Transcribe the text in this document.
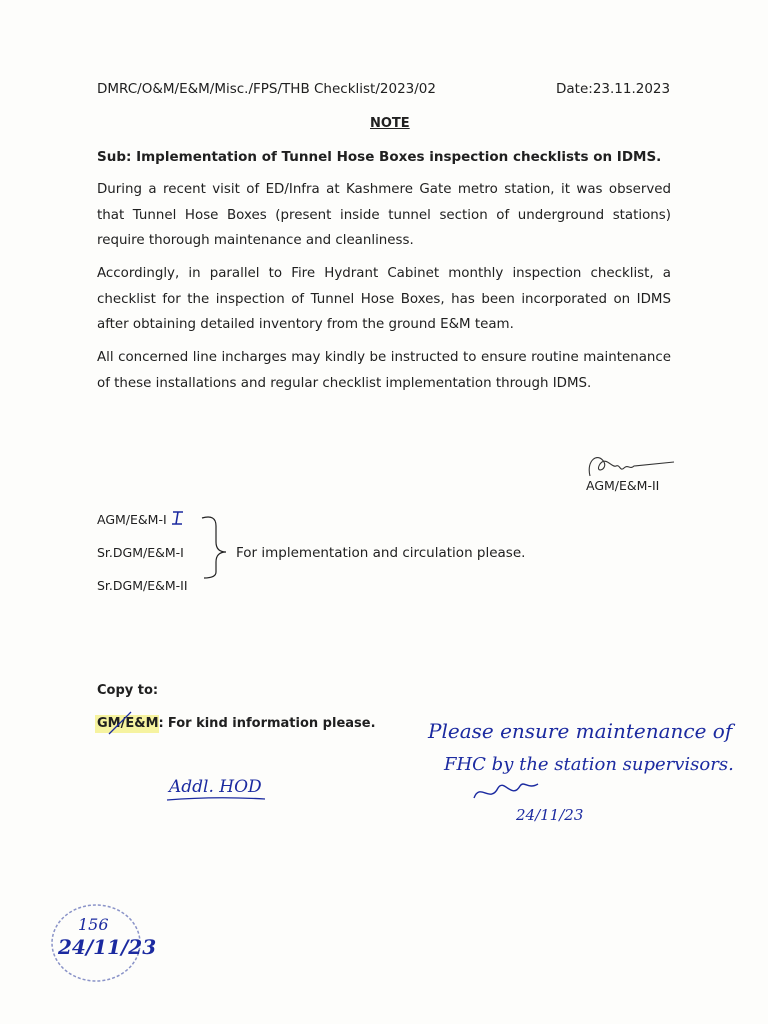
DMRC/O&M/E&M/Misc./FPS/THB Checklist/2023/02	Date:23.11.2023
NOTE
Sub: Implementation of Tunnel Hose Boxes inspection checklists on IDMS.
During a recent visit of ED/Infra at Kashmere Gate metro station, it was observed that Tunnel Hose Boxes (present inside tunnel section of underground stations) require thorough maintenance and cleanliness.
Accordingly, in parallel to Fire Hydrant Cabinet monthly inspection checklist, a checklist for the inspection of Tunnel Hose Boxes, has been incorporated on IDMS after obtaining detailed inventory from the ground E&M team.
All concerned line incharges may kindly be instructed to ensure routine maintenance of these installations and regular checklist implementation through IDMS.
AGM/E&M-II
AGM/E&M-I
Sr.DGM/E&M-I
Sr.DGM/E&M-II
For implementation and circulation please.
Copy to:
GM/E&M: For kind information please.
Addl. HOD
Please ensure maintenance of
FHC by the station supervisors.
24/11/23
156
24/11/23
